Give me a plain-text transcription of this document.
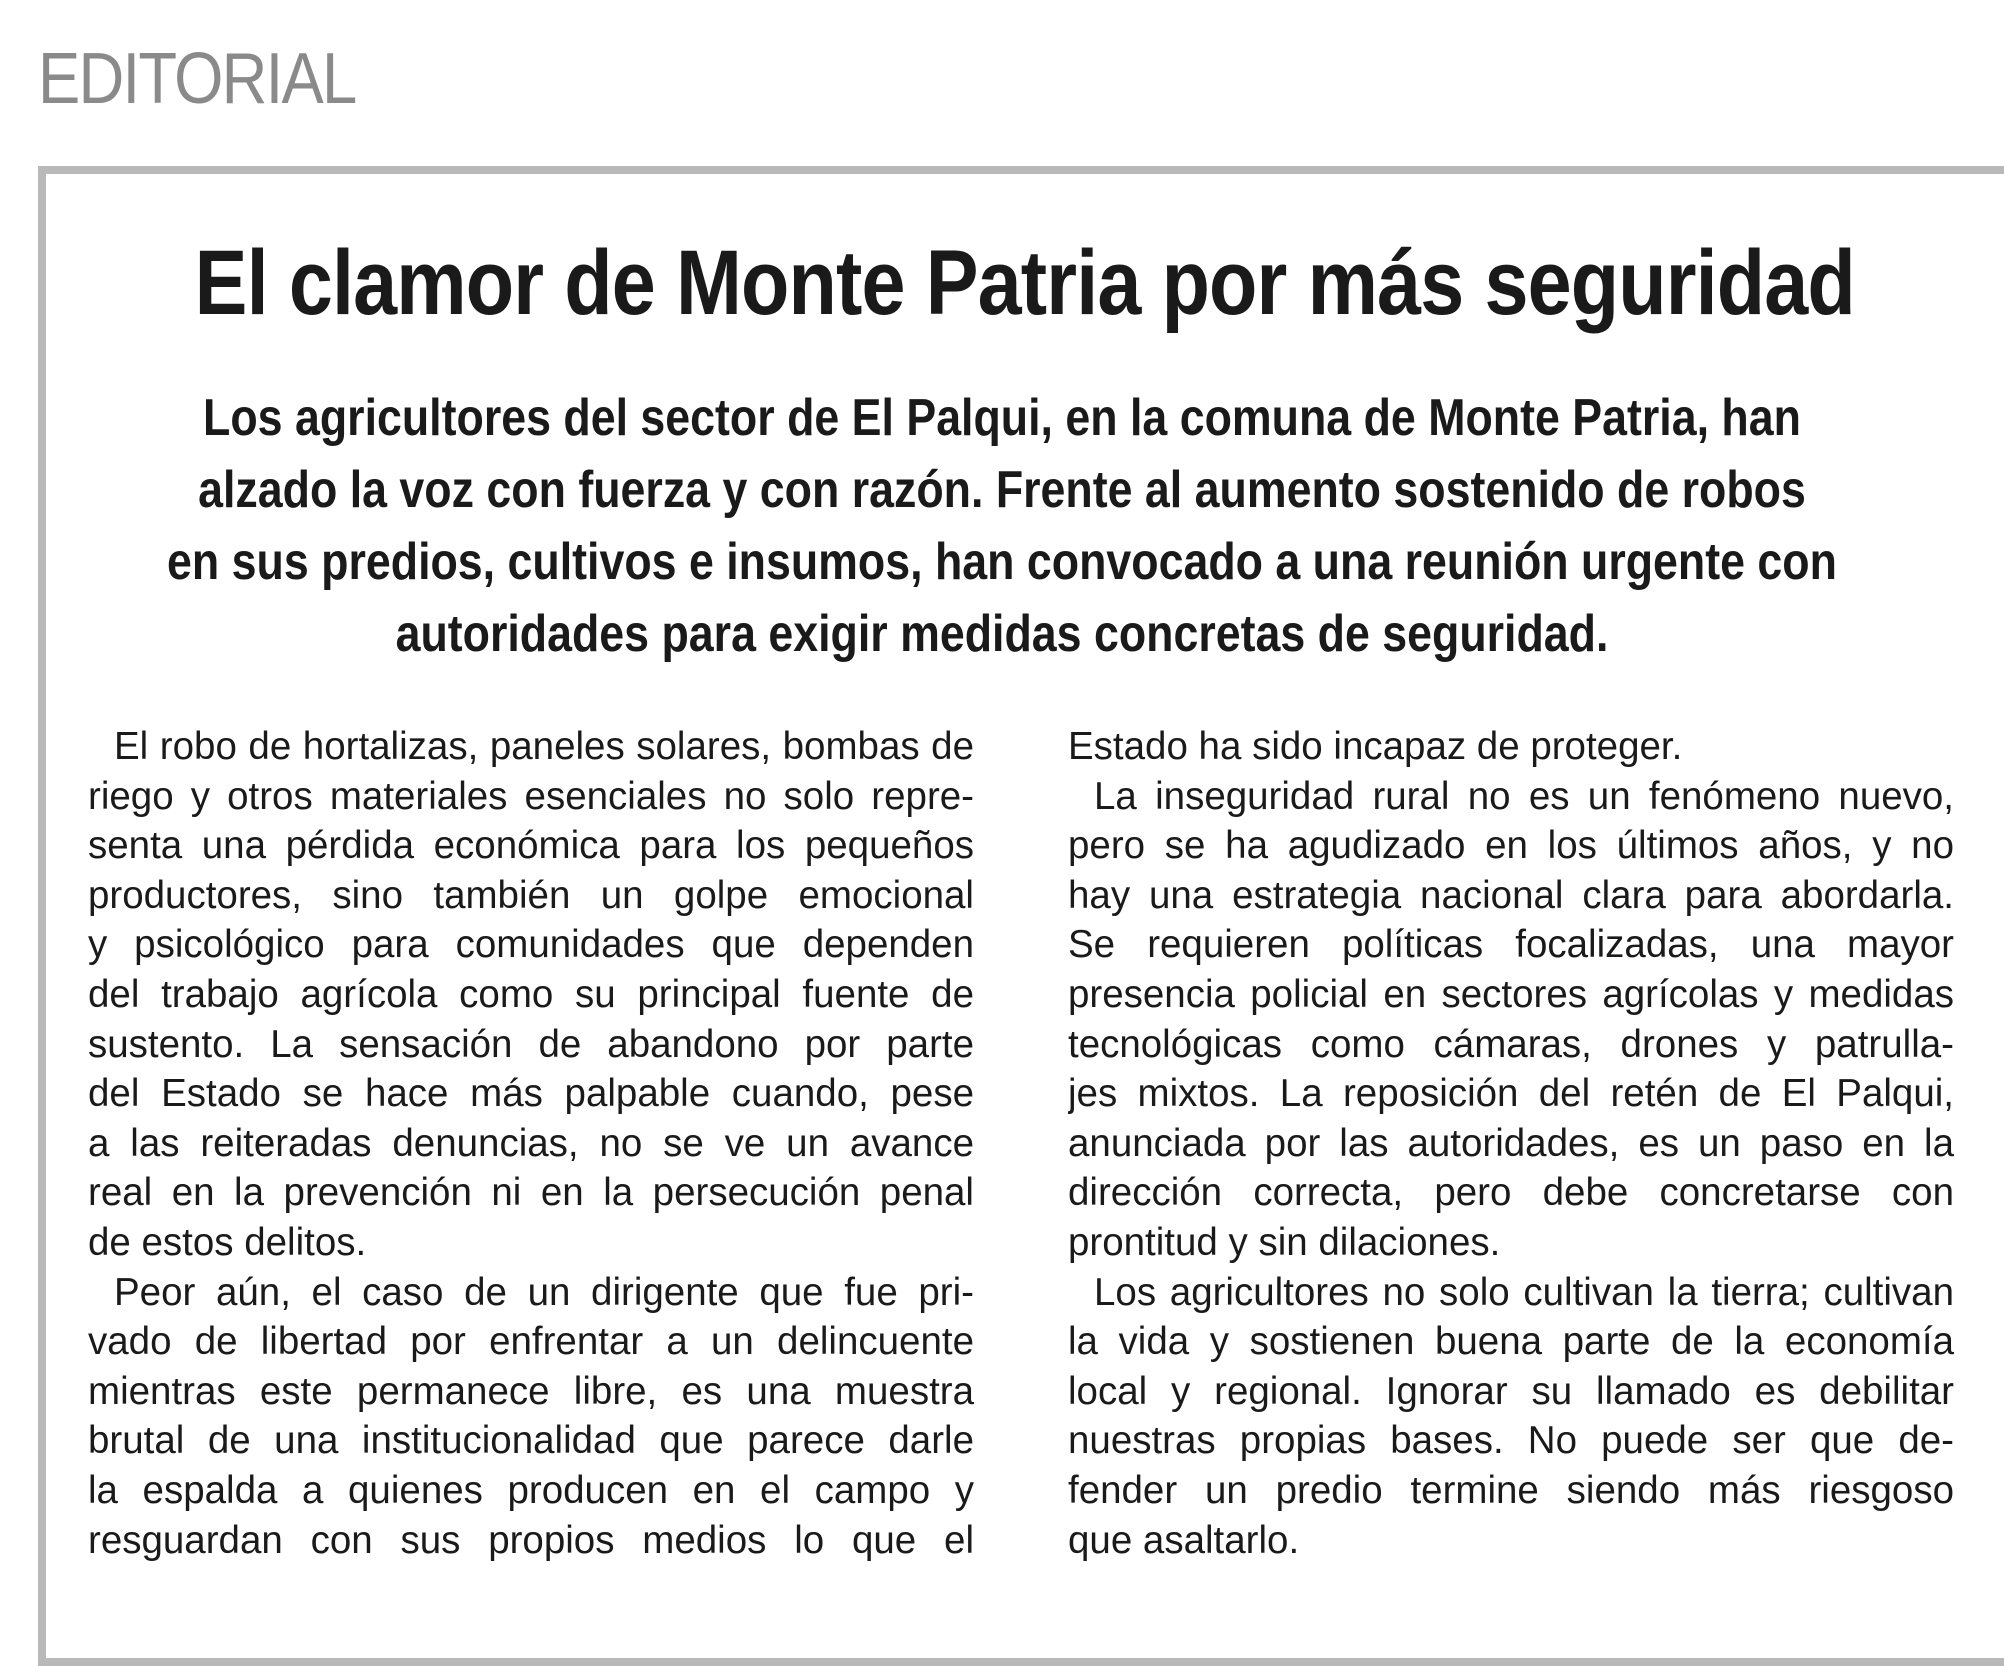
EDITORIAL
El clamor de Monte Patria por más seguridad
Los agricultores del sector de El Palqui, en la comuna de Monte Patria, han
alzado la voz con fuerza y con razón. Frente al aumento sostenido de robos
en sus predios, cultivos e insumos, han convocado a una reunión urgente con
autoridades para exigir medidas concretas de seguridad.
El robo de hortalizas, paneles solares, bombas de
riego y otros materiales esenciales no solo repre-
senta una pérdida económica para los pequeños
productores, sino también un golpe emocional
y psicológico para comunidades que dependen
del trabajo agrícola como su principal fuente de
sustento. La sensación de abandono por parte
del Estado se hace más palpable cuando, pese
a las reiteradas denuncias, no se ve un avance
real en la prevención ni en la persecución penal
de estos delitos.
Peor aún, el caso de un dirigente que fue pri-
vado de libertad por enfrentar a un delincuente
mientras este permanece libre, es una muestra
brutal de una institucionalidad que parece darle
la espalda a quienes producen en el campo y
resguardan con sus propios medios lo que el
Estado ha sido incapaz de proteger.
La inseguridad rural no es un fenómeno nuevo,
pero se ha agudizado en los últimos años, y no
hay una estrategia nacional clara para abordarla.
Se requieren políticas focalizadas, una mayor
presencia policial en sectores agrícolas y medidas
tecnológicas como cámaras, drones y patrulla-
jes mixtos. La reposición del retén de El Palqui,
anunciada por las autoridades, es un paso en la
dirección correcta, pero debe concretarse con
prontitud y sin dilaciones.
Los agricultores no solo cultivan la tierra; cultivan
la vida y sostienen buena parte de la economía
local y regional. Ignorar su llamado es debilitar
nuestras propias bases. No puede ser que de-
fender un predio termine siendo más riesgoso
que asaltarlo.
